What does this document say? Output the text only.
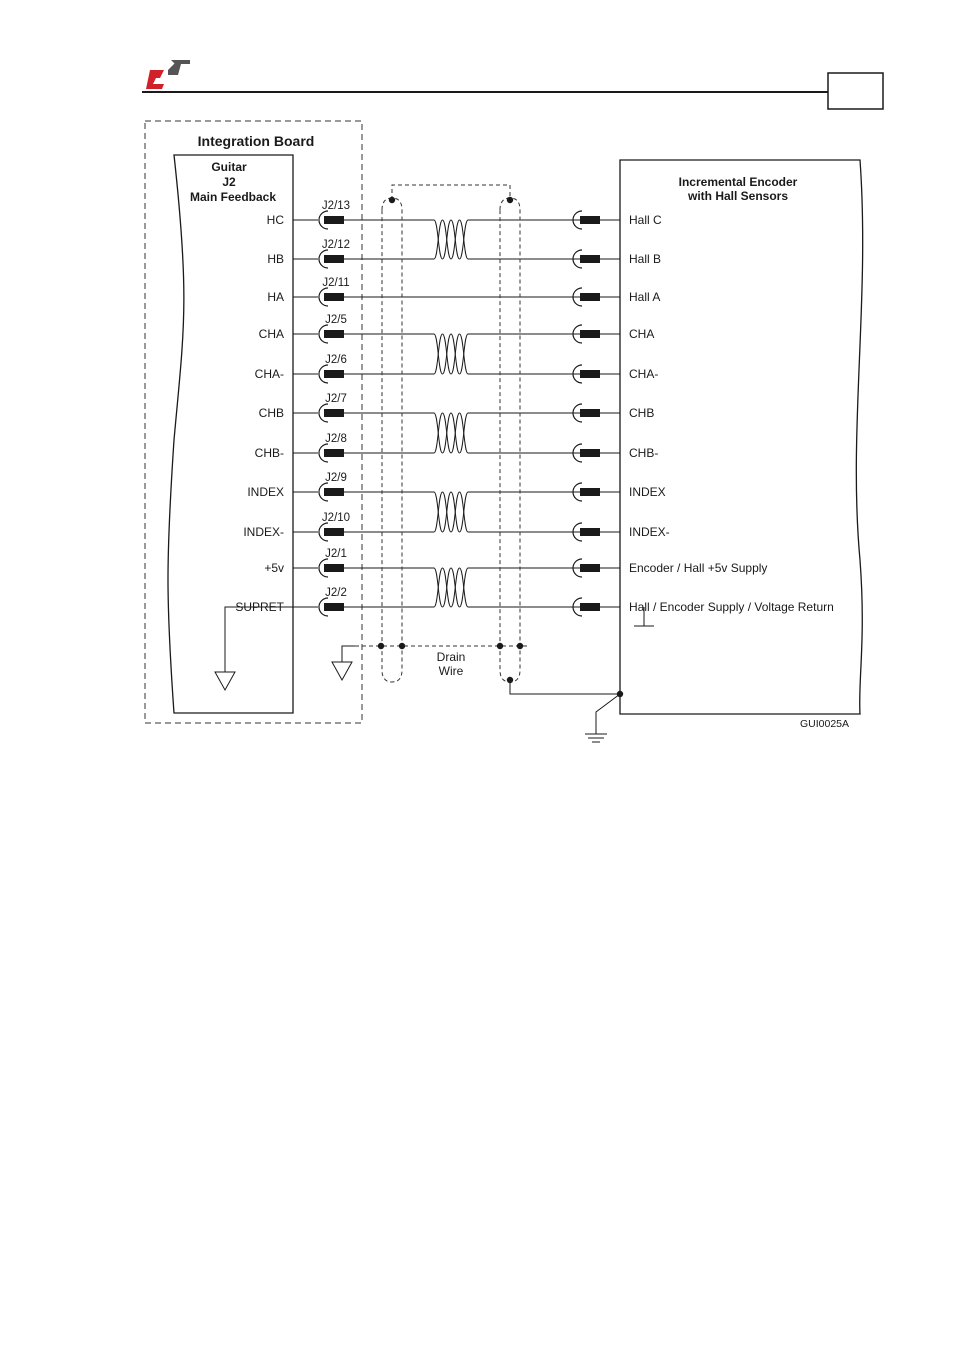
Integration Board
Guitar
J2
Main Feedback
Incremental Encoder
with Hall Sensors
HC
J2/13
Hall C
HB
J2/12
Hall B
HA
J2/11
Hall A
CHA
J2/5
CHA
CHA-
J2/6
CHA-
CHB
J2/7
CHB
CHB-
J2/8
CHB-
INDEX
J2/9
INDEX
INDEX-
J2/10
INDEX-
+5v
J2/1
Encoder / Hall +5v Supply
SUPRET
J2/2
Hall / Encoder Supply / Voltage Return
Drain
Wire
GUI0025A
